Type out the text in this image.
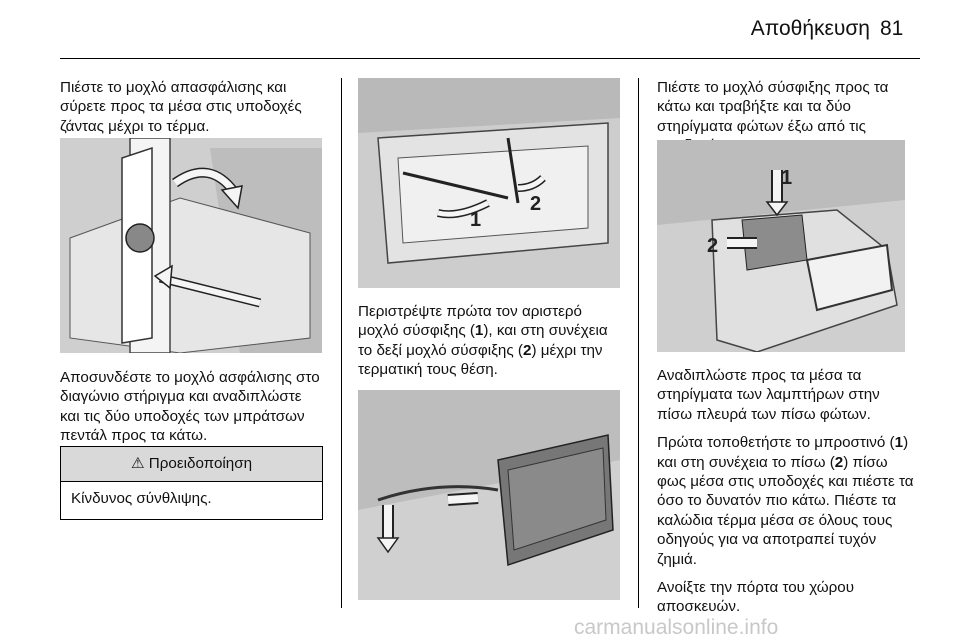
Αποθήκευση 81

Πιέστε το μοχλό απασφάλισης και σύρετε προς τα μέσα στις υποδοχές ζάντας μέχρι το τέρμα.

Αποσυνδέστε το μοχλό ασφάλισης στο διαγώνιο στήριγμα και αναδιπλώστε και τις δύο υποδοχές των μπράτσων πεντάλ προς τα κάτω.

⚠ Προειδοποίηση
Κίνδυνος σύνθλιψης.
1
2

Περιστρέψτε πρώτα τον αριστερό μοχλό σύσφιξης (1), και στη συνέχεια το δεξί μοχλό σύσφιξης (2) μέχρι την τερματική τους θέση.

Πιέστε το μοχλό σύσφιξης προς τα κάτω και τραβήξτε και τα δύο στηρίγματα φώτων έξω από τις

1
2

Αναδιπλώστε προς τα μέσα τα στηρίγματα των λαμπτήρων στην πίσω πλευρά των πίσω φώτων.

Πρώτα τοποθετήστε το μπροστινό (1) και στη συνέχεια το πίσω (2) πίσω φως μέσα στις υποδοχές και πιέστε τα όσο το δυνατόν πιο κάτω. Πιέστε τα καλώδια τέρμα μέσα σε όλους τους οδηγούς για να αποτραπεί τυχόν ζημιά.

Ανοίξτε την πόρτα του χώρου αποσκευών.

carmanualsonline.info
